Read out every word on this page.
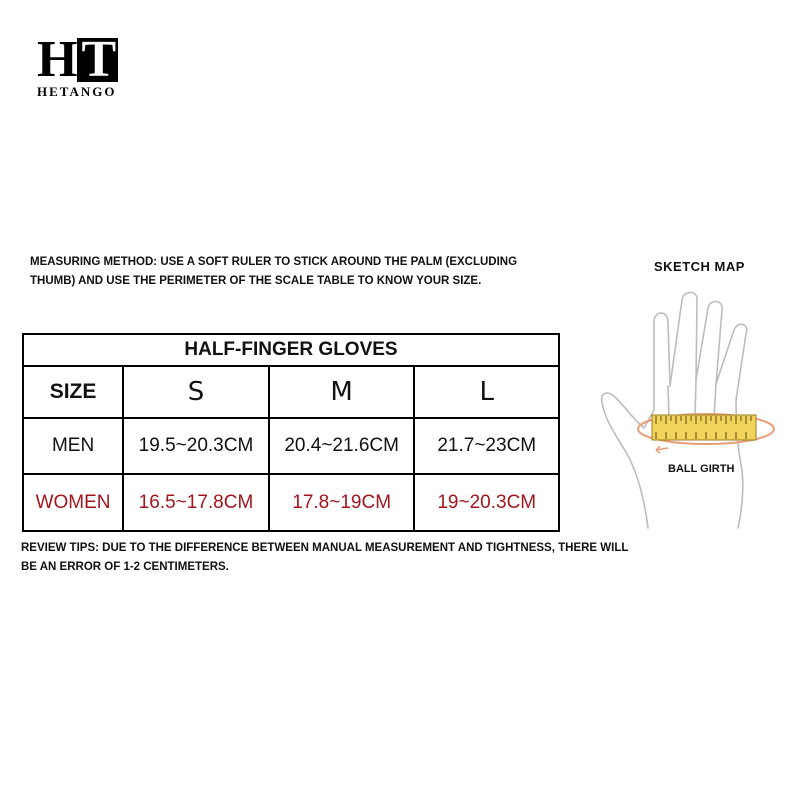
H T
HETANGO
MEASURING METHOD: USE A SOFT RULER TO STICK AROUND THE PALM (EXCLUDING THUMB) AND USE THE PERIMETER OF THE SCALE TABLE TO KNOW YOUR SIZE.
HALF-FINGER GLOVES			
SIZE	S	M	L
MEN	19.5~20.3CM	20.4~21.6CM	21.7~23CM
WOMEN	16.5~17.8CM	17.8~19CM	19~20.3CM
REVIEW TIPS: DUE TO THE DIFFERENCE BETWEEN MANUAL MEASUREMENT AND TIGHTNESS, THERE WILL BE AN ERROR OF 1-2 CENTIMETERS.
SKETCH MAP
BALL GIRTH
